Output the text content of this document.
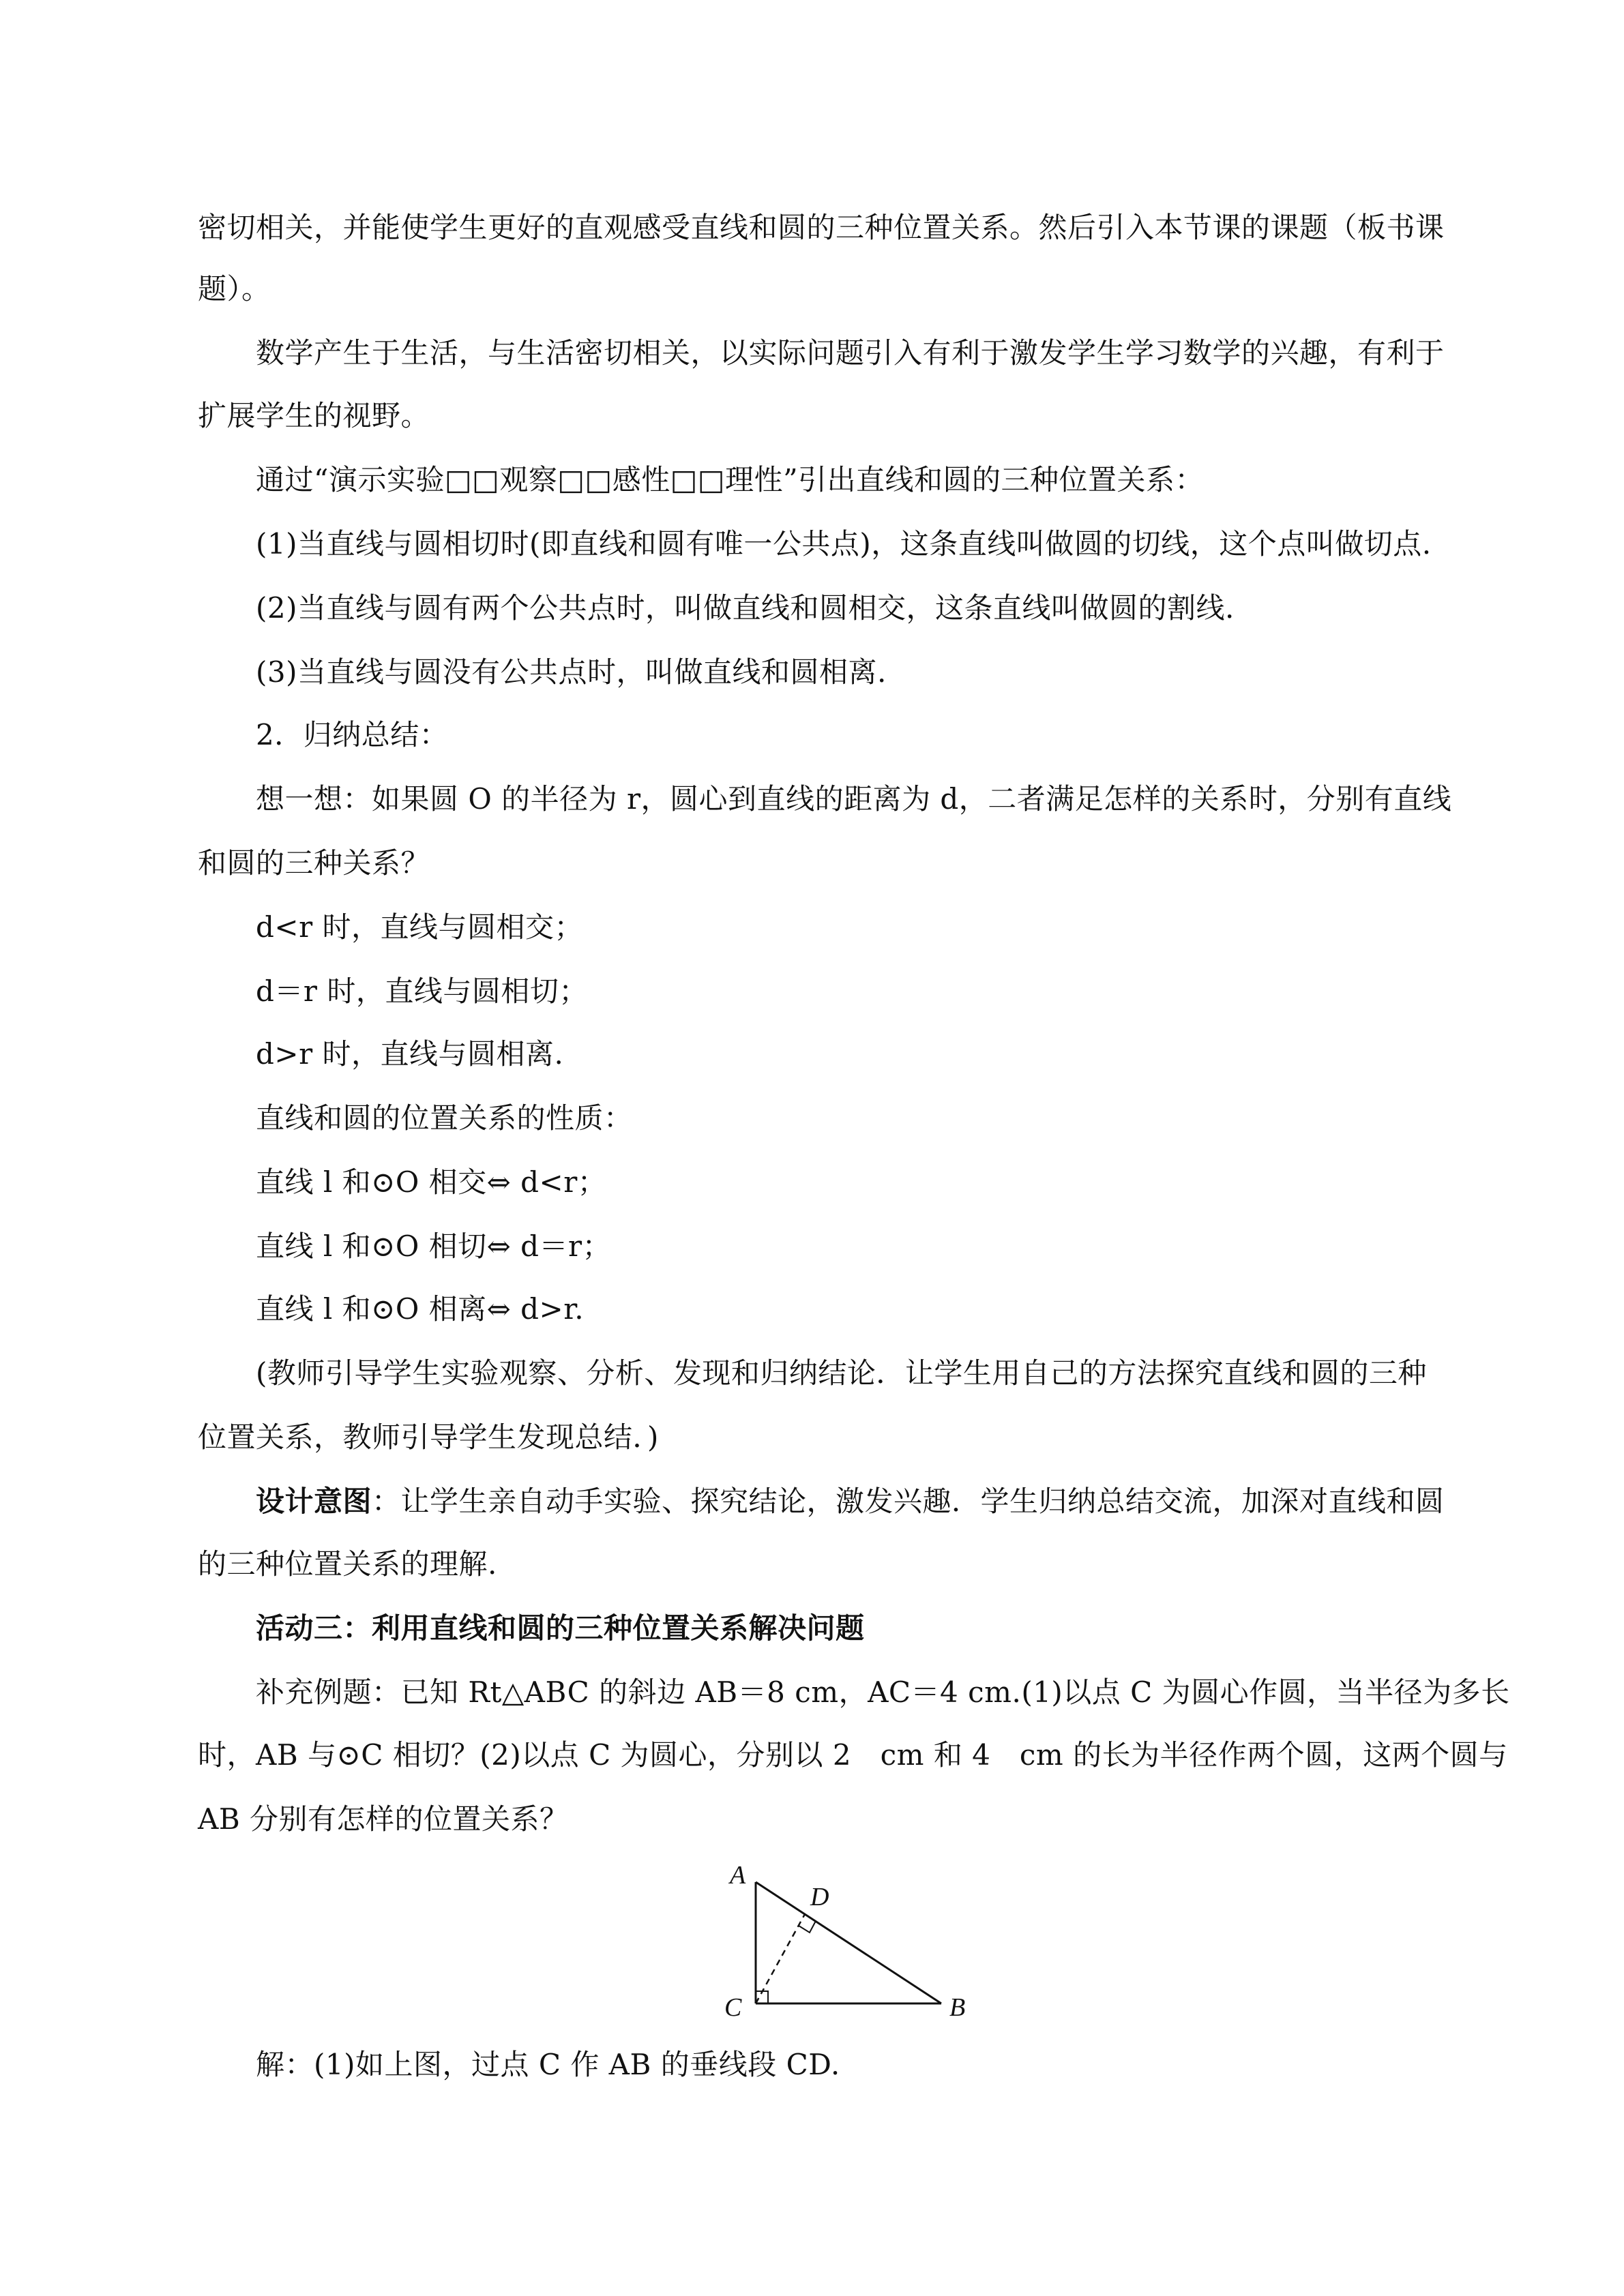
密切相关，并能使学生更好的直观感受直线和圆的三种位置关系。然后引入本节课的课题（板书课
题）。
数学产生于生活，与生活密切相关，以实际问题引入有利于激发学生学习数学的兴趣，有利于
扩展学生的视野。
通过“演示实验□□观察□□感性□□理性”引出直线和圆的三种位置关系：
(1)当直线与圆相切时(即直线和圆有唯一公共点)，这条直线叫做圆的切线，这个点叫做切点.
(2)当直线与圆有两个公共点时，叫做直线和圆相交，这条直线叫做圆的割线.
(3)当直线与圆没有公共点时，叫做直线和圆相离.
2．归纳总结：
想一想：如果圆 O 的半径为 r，圆心到直线的距离为 d，二者满足怎样的关系时，分别有直线
和圆的三种关系？
d<r 时，直线与圆相交；
d＝r 时，直线与圆相切；
d>r 时，直线与圆相离.
直线和圆的位置关系的性质：
直线 l 和⊙O 相交⇔ d<r；
直线 l 和⊙O 相切⇔ d＝r；
直线 l 和⊙O 相离⇔ d>r.
(教师引导学生实验观察、分析、发现和归纳结论．让学生用自己的方法探究直线和圆的三种
位置关系，教师引导学生发现总结．)
设计意图：让学生亲自动手实验、探究结论，激发兴趣．学生归纳总结交流，加深对直线和圆
的三种位置关系的理解.
活动三：利用直线和圆的三种位置关系解决问题
补充例题：已知 Rt△ABC 的斜边 AB＝8 cm，AC＝4 cm.(1)以点 C 为圆心作圆，当半径为多长
时，AB 与⊙C 相切？(2)以点 C 为圆心，分别以 2　cm 和 4　cm 的长为半径作两个圆，这两个圆与
AB 分别有怎样的位置关系？
A
D
C	B
解：(1)如上图，过点 C 作 AB 的垂线段 CD.
